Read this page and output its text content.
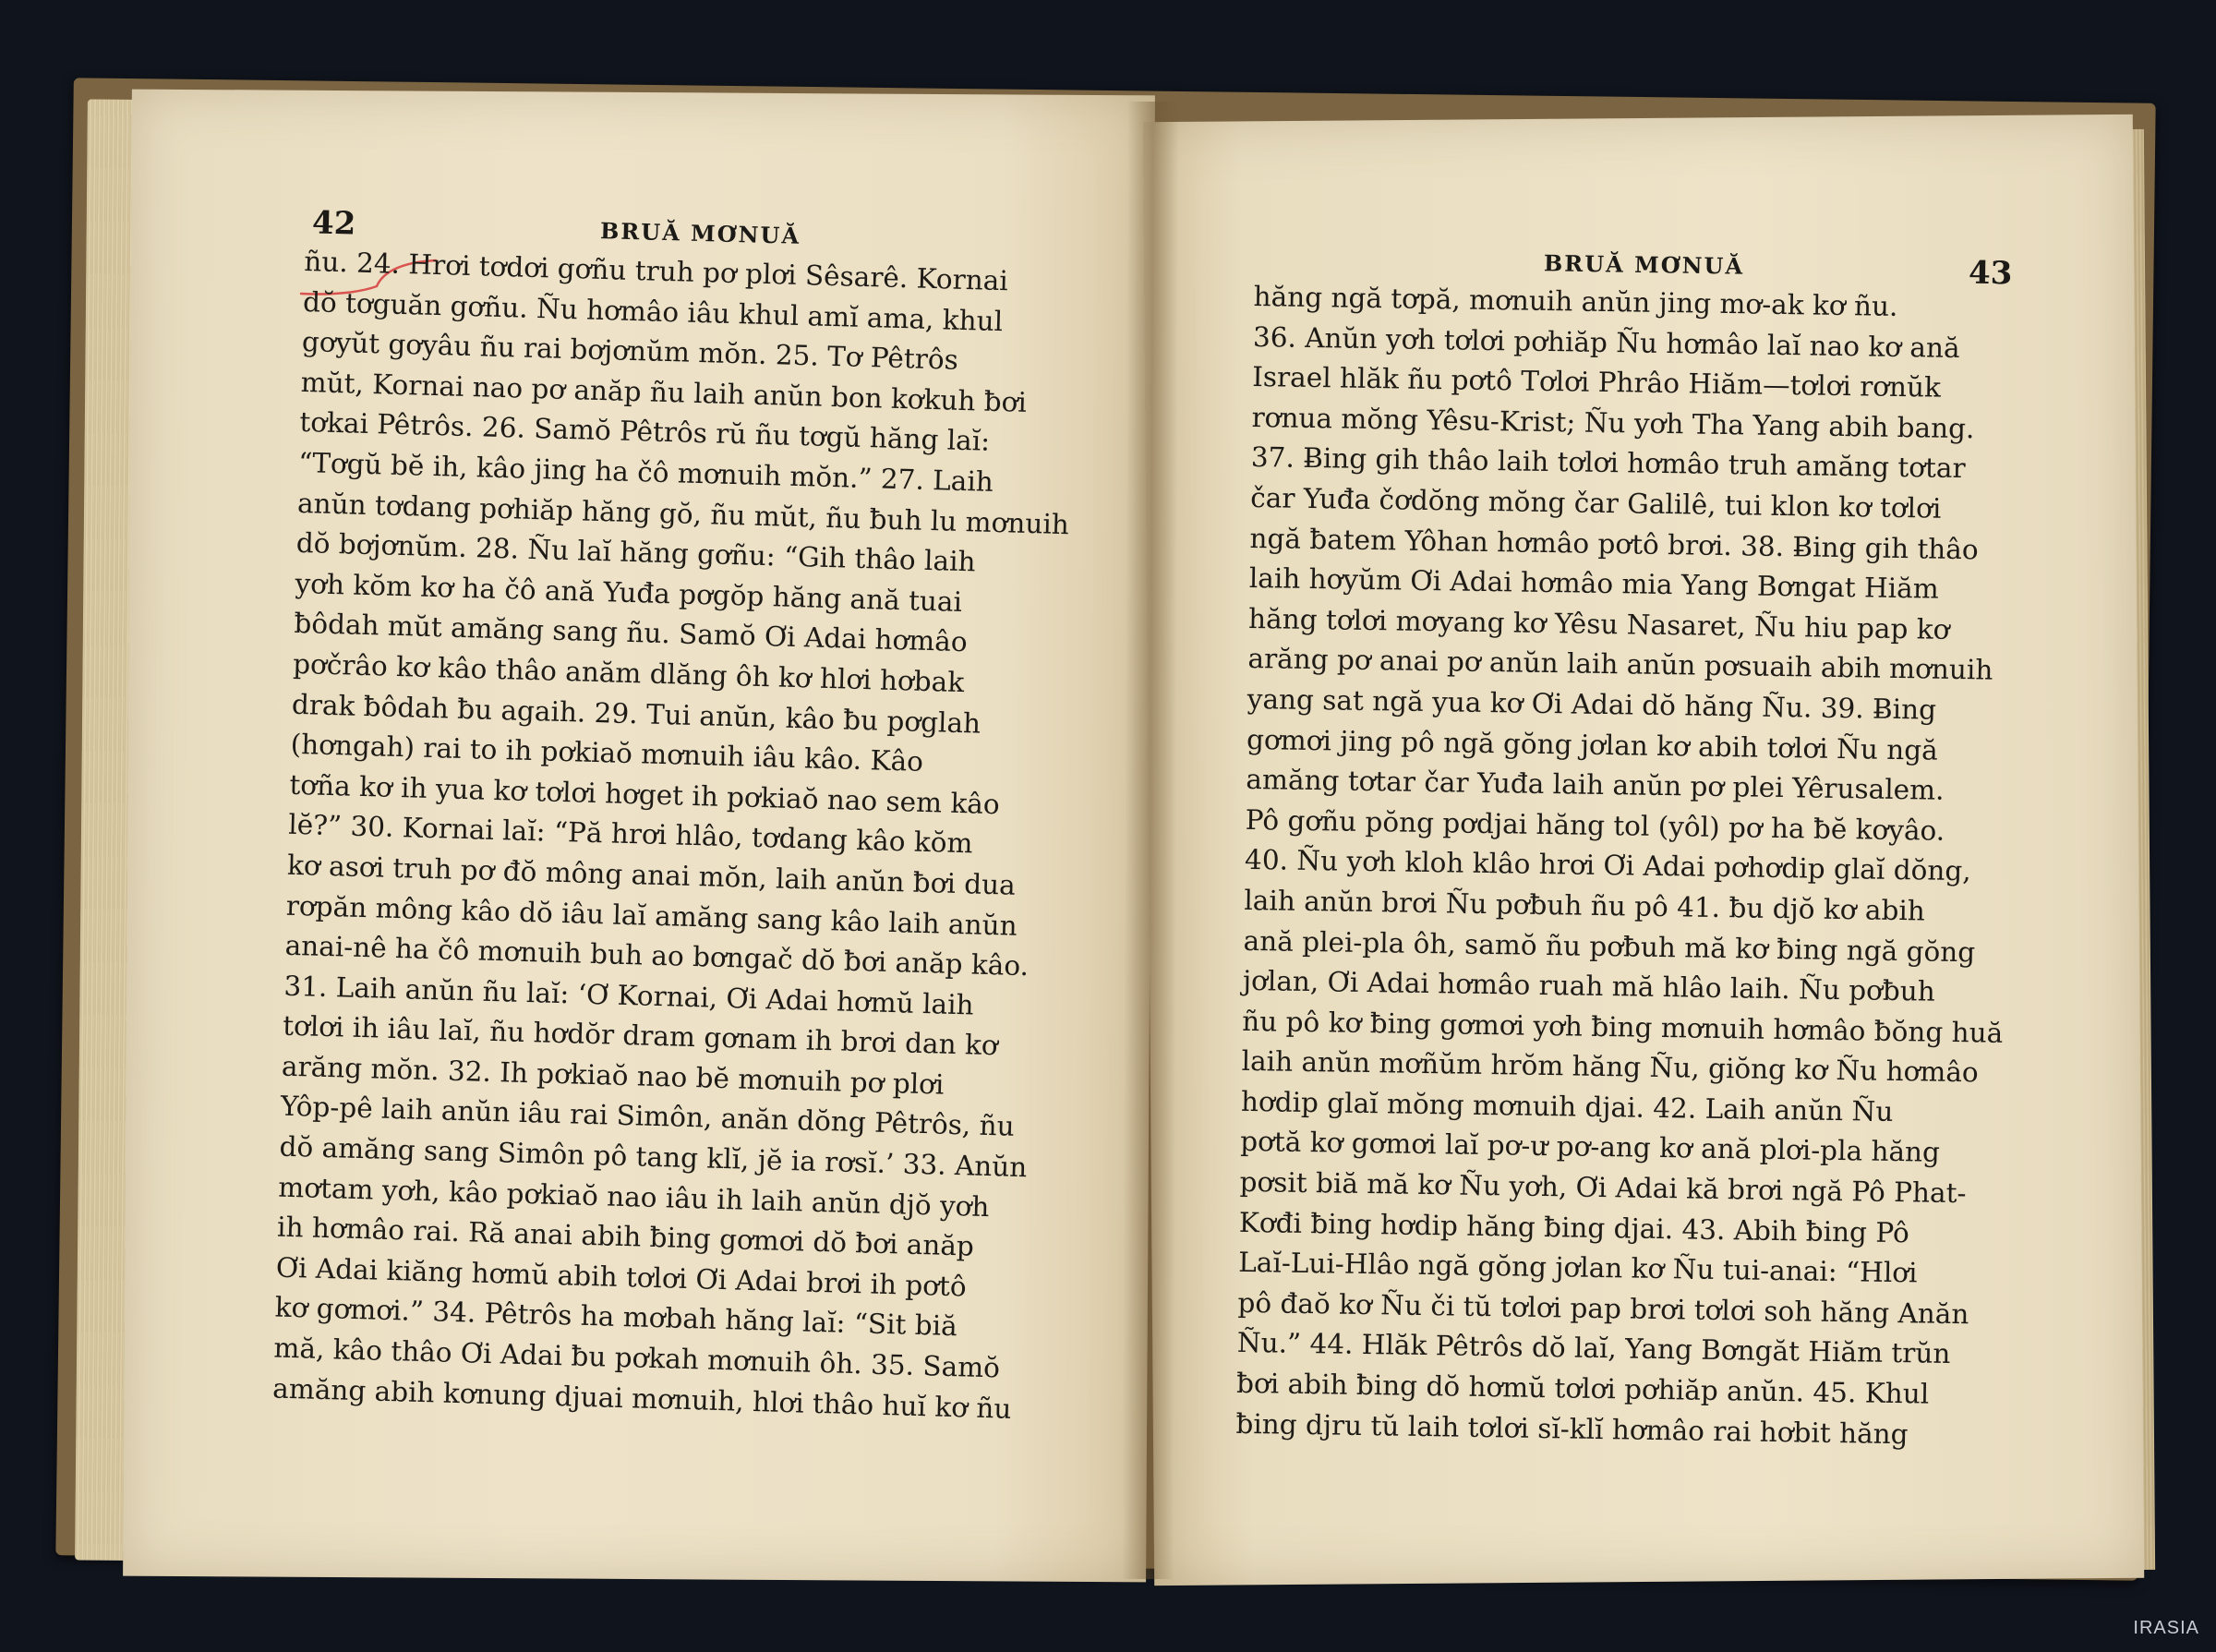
42	BRUĂ MƠNUĂ
ñu. 24. Hrơi tơdơi gơñu truh pơ plơi Sêsarê. Kornai
dŏ tơguăn gơñu. Ñu hơmâo iâu khul amĭ ama, khul
gơyŭt gơyâu ñu rai bơjơnŭm mŏn. 25. Tơ Pêtrôs
mŭt, Kornai nao pơ anăp ñu laih anŭn bon kơkuh ƀơi
tơkai Pêtrôs. 26. Samŏ Pêtrôs rŭ ñu tơgŭ hăng laĭ:
“Tơgŭ bĕ ih, kâo jing ha čô mơnuih mŏn.” 27. Laih
anŭn tơdang pơhiăp hăng gŏ, ñu mŭt, ñu ƀuh lu mơnuih
dŏ bơjơnŭm. 28. Ñu laĭ hăng gơñu: “Gih thâo laih
yơh kŏm kơ ha čô ană Yuđa pơgŏp hăng ană tuai
ƀôdah mŭt amăng sang ñu. Samŏ Ơi Adai hơmâo
pơčrâo kơ kâo thâo anăm dlăng ôh kơ hlơi hơbak
drak ƀôdah ƀu agaih. 29. Tui anŭn, kâo ƀu pơglah
(hơngah) rai to ih pơkiaŏ mơnuih iâu kâo. Kâo
tơña kơ ih yua kơ tơlơi hơget ih pơkiaŏ nao sem kâo
lĕ?” 30. Kornai laĭ: “Pă hrơi hlâo, tơdang kâo kŏm
kơ asơi truh pơ đŏ mông anai mŏn, laih anŭn ƀơi dua
rơpăn mông kâo dŏ iâu laĭ amăng sang kâo laih anŭn
anai-nê ha čô mơnuih buh ao bơngač dŏ ƀơi anăp kâo.
31. Laih anŭn ñu laĭ: ‘Ơ Kornai, Ơi Adai hơmŭ laih
tơlơi ih iâu laĭ, ñu hơdŏr dram gơnam ih brơi dan kơ
arăng mŏn. 32. Ih pơkiaŏ nao bĕ mơnuih pơ plơi
Yôp-pê laih anŭn iâu rai Simôn, anăn dŏng Pêtrôs, ñu
dŏ amăng sang Simôn pô tang klĭ, jĕ ia rơsĭ.’ 33. Anŭn
mơtam yơh, kâo pơkiaŏ nao iâu ih laih anŭn djŏ yơh
ih hơmâo rai. Ră anai abih ƀing gơmơi dŏ ƀơi anăp
Ơi Adai kiăng hơmŭ abih tơlơi Ơi Adai brơi ih pơtô
kơ gơmơi.” 34. Pêtrôs ha mơbah hăng laĭ: “Sit biă
mă, kâo thâo Ơi Adai ƀu pơkah mơnuih ôh. 35. Samŏ
amăng abih kơnung djuai mơnuih, hlơi thâo huĭ kơ ñu
BRUĂ MƠNUĂ	43
hăng ngă tơpă, mơnuih anŭn jing mơ-ak kơ ñu.
36. Anŭn yơh tơlơi pơhiăp Ñu hơmâo laĭ nao kơ ană
Israel hlăk ñu pơtô Tơlơi Phrâo Hiăm—tơlơi rơnŭk
rơnua mŏng Yêsu-Krist; Ñu yơh Tha Yang abih bang.
37. Ƀing gih thâo laih tơlơi hơmâo truh amăng tơtar
čar Yuđa čơdŏng mŏng čar Galilê, tui klon kơ tơlơi
ngă ƀatem Yôhan hơmâo pơtô brơi. 38. Ƀing gih thâo
laih hơyŭm Ơi Adai hơmâo mia Yang Bơngat Hiăm
hăng tơlơi mơyang kơ Yêsu Nasaret, Ñu hiu pap kơ
arăng pơ anai pơ anŭn laih anŭn pơsuaih abih mơnuih
yang sat ngă yua kơ Ơi Adai dŏ hăng Ñu. 39. Ƀing
gơmơi jing pô ngă gŏng jơlan kơ abih tơlơi Ñu ngă
amăng tơtar čar Yuđa laih anŭn pơ plei Yêrusalem.
Pô gơñu pŏng pơdjai hăng tol (yôl) pơ ha ƀĕ kơyâo.
40. Ñu yơh kloh klâo hrơi Ơi Adai pơhơdip glaĭ dŏng,
laih anŭn brơi Ñu pơƀuh ñu pô 41. ƀu djŏ kơ abih
ană plei-pla ôh, samŏ ñu pơƀuh mă kơ ƀing ngă gŏng
jơlan, Ơi Adai hơmâo ruah mă hlâo laih. Ñu pơƀuh
ñu pô kơ ƀing gơmơi yơh ƀing mơnuih hơmâo ƀŏng huă
laih anŭn mơñŭm hrŏm hăng Ñu, giŏng kơ Ñu hơmâo
hơdip glaĭ mŏng mơnuih djai. 42. Laih anŭn Ñu
pơtă kơ gơmơi laĭ pơ-ư pơ-ang kơ ană plơi-pla hăng
pơsit biă mă kơ Ñu yơh, Ơi Adai kă brơi ngă Pô Phat-
Kơđi ƀing hơdip hăng ƀing djai. 43. Abih ƀing Pô
Laĭ-Lui-Hlâo ngă gŏng jơlan kơ Ñu tui-anai: “Hlơi
pô đaŏ kơ Ñu či tŭ tơlơi pap brơi tơlơi soh hăng Anăn
Ñu.” 44. Hlăk Pêtrôs dŏ laĭ, Yang Bơngăt Hiăm trŭn
ƀơi abih ƀing dŏ hơmŭ tơlơi pơhiăp anŭn. 45. Khul
ƀing djru tŭ laih tơlơi sĭ-klĭ hơmâo rai hơbit hăng
IRASIA
